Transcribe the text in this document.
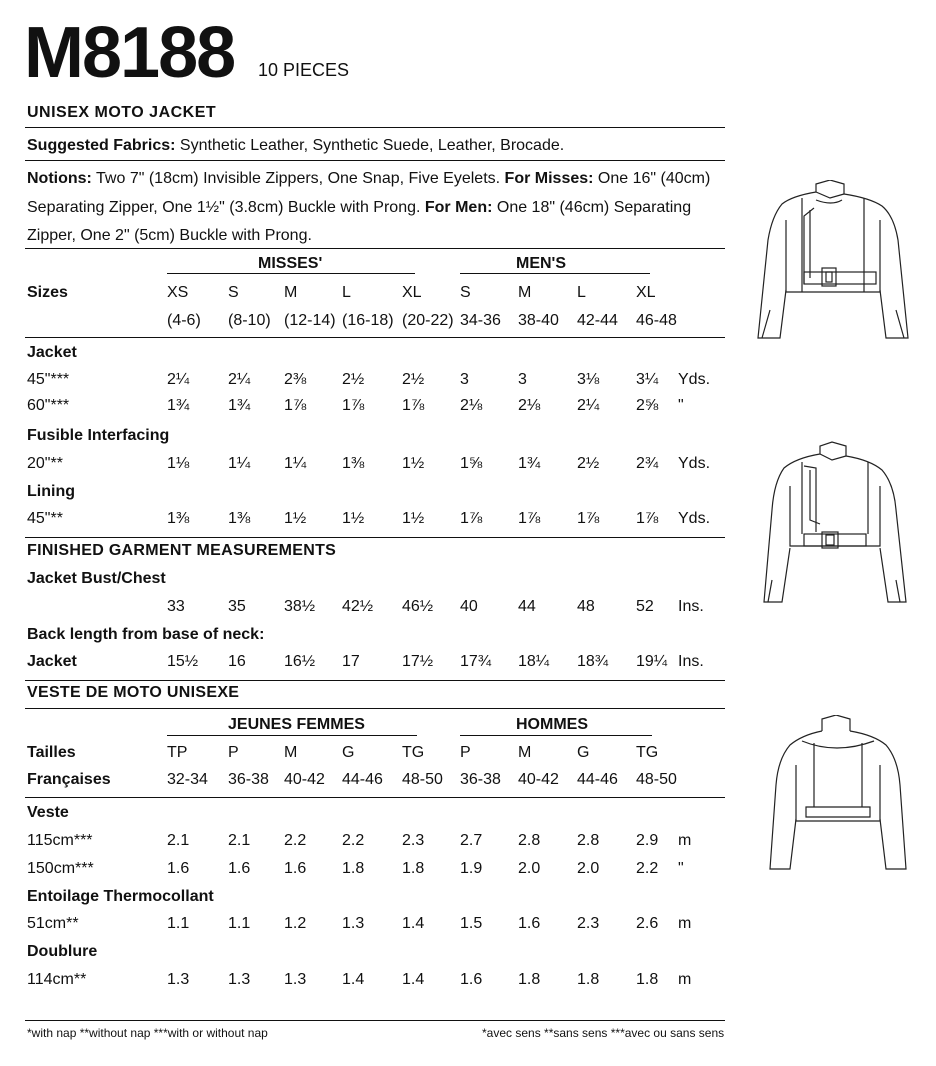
M8188 10 PIECES
UNISEX MOTO JACKET
Suggested Fabrics: Synthetic Leather, Synthetic Suede, Leather, Brocade.
Notions: Two 7" (18cm) Invisible Zippers, One Snap, Five Eyelets. For Misses: One 16" (40cm)
Separating Zipper, One 1½" (3.8cm) Buckle with Prong. For Men: One 18" (46cm) Separating
Zipper, One 2" (5cm) Buckle with Prong.
MISSES'	MEN'S
Sizes	XS S	M	L	XL S	M	L	XL
(4-6) (8-10) (12-14) (16-18) (20-22) 34-36 38-40 42-44 46-48
Jacket
45"***	2¼ 2¼ 2⅜ 2½ 2½ 3	3	3⅛ 3¼ Yds.
60"***	1¾ 1¾ 1⅞ 1⅞ 1⅞ 2⅛ 2⅛ 2¼ 2⅝ "
Fusible Interfacing
20"**	1⅛ 1¼ 1¼ 1⅜ 1½ 1⅝ 1¾ 2½ 2¾ Yds.
Lining
45"**	1⅜ 1⅜ 1½ 1½ 1½ 1⅞ 1⅞ 1⅞ 1⅞ Yds.
FINISHED GARMENT MEASUREMENTS
Jacket Bust/Chest
33	35 38½ 42½ 46½ 40	44	48	52 Ins.
Back length from base of neck:
Jacket	15½ 16 16½ 17	17½ 17¾ 18¼ 18¾ 19¼ Ins.
VESTE DE MOTO UNISEXE
JEUNES FEMMES	HOMMES
Tailles	TP	P	M	G	TG P	M	G	TG
Françaises	32-34 36-38 40-42 44-46 48-50 36-38 40-42 44-46 48-50
Veste
115cm***	2.1 2.1 2.2 2.2 2.3 2.7 2.8 2.8 2.9 m
150cm***	1.6 1.6 1.6 1.8 1.8 1.9 2.0 2.0 2.2 "
Entoilage Thermocollant
51cm**	1.1 1.1 1.2 1.3 1.4 1.5 1.6 2.3 2.6 m
Doublure
114cm**	1.3 1.3 1.3 1.4 1.4 1.6 1.8 1.8 1.8 m
*with nap **without nap ***with or without nap	*avec sens **sans sens ***avec ou sans sens
